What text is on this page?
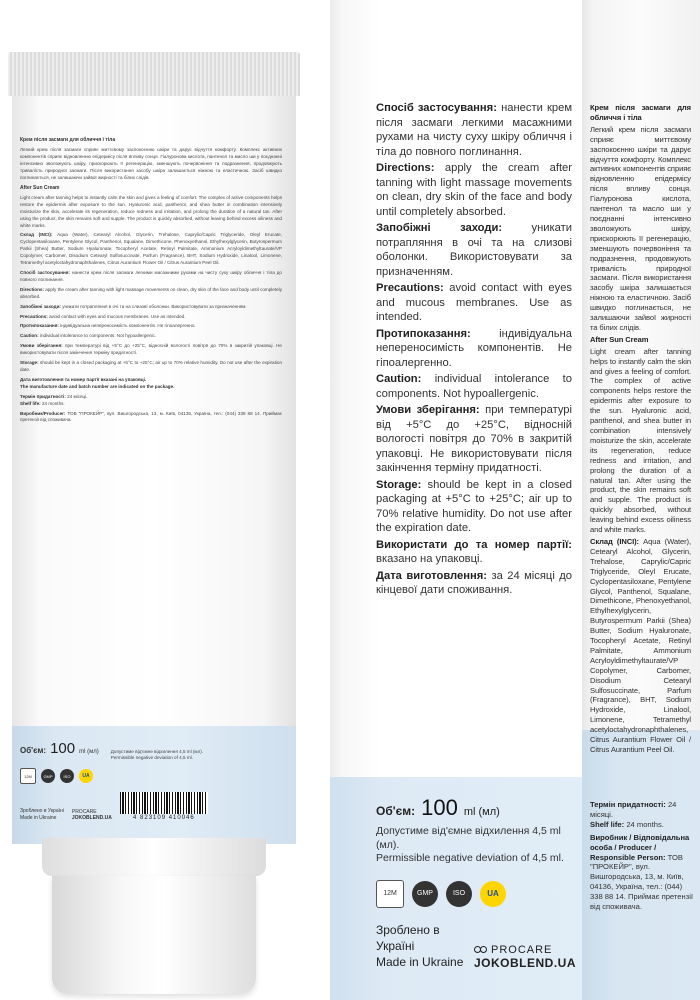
Крем після засмаги для обличчя і тіла

Легкий крем після засмаги сприяє миттєвому заспокоєнню шкіри та дарує відчуття комфорту. Комплекс активних компонентів сприяє відновленню епідермісу після впливу сонця. Гіалуронова кислота, пантенол та масло ши у поєднанні інтенсивно зволожують шкіру, прискорюють її регенерацію, зменшують почервоніння та подразнення, продовжують тривалість природної засмаги. Після використання засобу шкіра залишається ніжною та еластичною. Засіб швидко поглинається, не залишаючи зайвої жирності та білих слідів.

After Sun Cream

Light cream after tanning helps to instantly calm the skin and gives a feeling of comfort. The complex of active components helps restore the epidermis after exposure to the sun. Hyaluronic acid, panthenol, and shea butter in combination intensively moisturize the skin, accelerate its regeneration, reduce redness and irritation, and prolong the duration of a natural tan. After using the product, the skin remains soft and supple. The product is quickly absorbed, without leaving behind excess oiliness and white marks.

Склад (INCI): Aqua (Water), Cetearyl Alcohol, Glycerin, Trehalose, Caprylic/Capric Triglyceride, Oleyl Erucate, Cyclopentasiloxane, Pentylene Glycol, Panthenol, Squalane, Dimethicone, Phenoxyethanol, Ethylhexylglycerin, Butyrospermum Parkii (Shea) Butter, Sodium Hyaluronate, Tocopheryl Acetate, Retinyl Palmitate, Ammonium Acryloyldimethyltaurate/VP Copolymer, Carbomer, Disodium Cetearyl Sulfosuccinate, Parfum (Fragrance), BHT, Sodium Hydroxide, Linalool, Limonene, Tetramethyl acetyloctahydronaphthalenes, Citrus Aurantium Flower Oil / Citrus Aurantium Peel Oil.

Спосіб застосування: нанести крем після засмаги легкими масажними рухами на чисту суху шкіру обличчя і тіла до повного поглинання.

Directions: apply the cream after tanning with light massage movements on clean, dry skin of the face and body until completely absorbed.

Запобіжні заходи: уникати потрапляння в очі та на слизові оболонки. Використовувати за призначенням.

Precautions: avoid contact with eyes and mucous membranes. Use as intended.

Протипоказання: індивідуальна непереносимість компонентів. Не гіпоалергенно.

Caution: individual intolerance to components. Not hypoallergenic.

Умови зберігання: при температурі від +5°С до +25°С, відносній вологості повітря до 70% в закритій упаковці. Не використовувати після закінчення терміну придатності.

Storage: should be kept in a closed packaging at +5°C to +25°C; air up to 70% relative humidity. Do not use after the expiration date.

Дата виготовлення та номер партії вказані на упаковці.

The manufacture date and batch number are indicated on the package.

Термін придатності: 24 місяці.

Shelf life: 24 months.

Виробник/Producer: ТОВ "ПРОКЕЙР", вул. Вишгородська, 13, м. Київ, 04136, Україна, тел.: (044) 338 88 14. Приймає претензії від споживача.

Об'єм: 100 ml (мл)	Допустиме від'ємне відхилення 4,5 ml (мл).
Permissible negative deviation of 4,5 ml.
12M	GMP	ISO	UA
Зроблено в Україні
Made in Ukraine
PROCARE
JOKOBLEND.UA	4 823109 410046

Спосіб застосування: нанести крем після засмаги легкими масажними рухами на чисту суху шкіру обличчя і тіла до повного поглинання.

Directions: apply the cream after tanning with light massage movements on clean, dry skin of the face and body until completely absorbed.

Запобіжні заходи:	уникати потрапляння в очі та на слизові оболонки. Використовувати за призначенням.

Precautions: avoid contact with eyes and mucous membranes. Use as intended.

Протипоказання:	індивідуальна непереносимість компонентів. Не гіпоалергенно.

Caution: individual intolerance to components. Not hypoallergenic.

Умови зберігання: при температурі від +5°С до +25°С, відносній вологості повітря до 70% в закритій упаковці. Не використовувати після закінчення терміну придатності.

Storage: should be kept in a closed packaging at +5°C to +25°C; air up to 70% relative humidity. Do not use after the expiration date.

Використати до та номер партії: вказано на упаковці.

Дата виготовлення: за 24 місяці до кінцевої дати споживання.

Об'єм: 100 ml (мл)
Допустиме від'ємне відхилення 4,5 ml (мл).
Permissible negative deviation of 4,5 ml.
12M	GMP	ISO	UA
Зроблено в Україні
Made in Ukraine
PROCARE
JOKOBLEND.UA

Крем після засмаги для обличчя і тіла

Легкий крем після засмаги сприяє миттєвому заспокоєнню шкіри та дарує відчуття комфорту. Комплекс активних компонентів сприяє відновленню епідермісу після впливу сонця. Гіалуронова кислота, пантенол та масло ши у поєднанні інтенсивно зволожують шкіру, прискорюють її регенерацію, зменшують почервоніння та подразнення, продовжують тривалість природної засмаги. Після використання засобу шкіра залишається ніжною та еластичною. Засіб швидко поглинається, не залишаючи зайвої жирності та білих слідів.

After Sun Cream

Light cream after tanning helps to instantly calm the skin and gives a feeling of comfort. The complex of active components helps restore the epidermis after exposure to the sun. Hyaluronic acid, panthenol, and shea butter in combination intensively moisturize the skin, accelerate its regeneration, reduce redness and irritation, and prolong the duration of a natural tan. After using the product, the skin remains soft and supple. The product is quickly absorbed, without leaving behind excess oiliness and white marks.

Склад (INCI): Aqua (Water), Cetearyl Alcohol, Glycerin, Trehalose, Caprylic/Capric Triglyceride, Oleyl Erucate, Cyclopentasiloxane, Pentylene Glycol, Panthenol, Squalane, Dimethicone, Phenoxyethanol, Ethylhexylglycerin, Butyrospermum Parkii (Shea) Butter, Sodium Hyaluronate, Tocopheryl Acetate, Retinyl Palmitate, Ammonium Acryloyldimethyltaurate/VP Copolymer, Carbomer, Disodium Cetearyl Sulfosuccinate, Parfum (Fragrance), BHT, Sodium Hydroxide, Linalool, Limonene, Tetramethyl acetyloctahydronaphthalenes, Citrus Aurantium Flower Oil / Citrus Aurantium Peel Oil.

Термін придатності: 24 місяці.

Shelf life: 24 months.

Виробник / Відповідальна особа / Producer / Responsible Person: ТОВ "ПРОКЕЙР", вул. Вишгородська, 13, м. Київ, 04136, Україна, тел.: (044) 338 88 14. Приймає претензії від споживача.
